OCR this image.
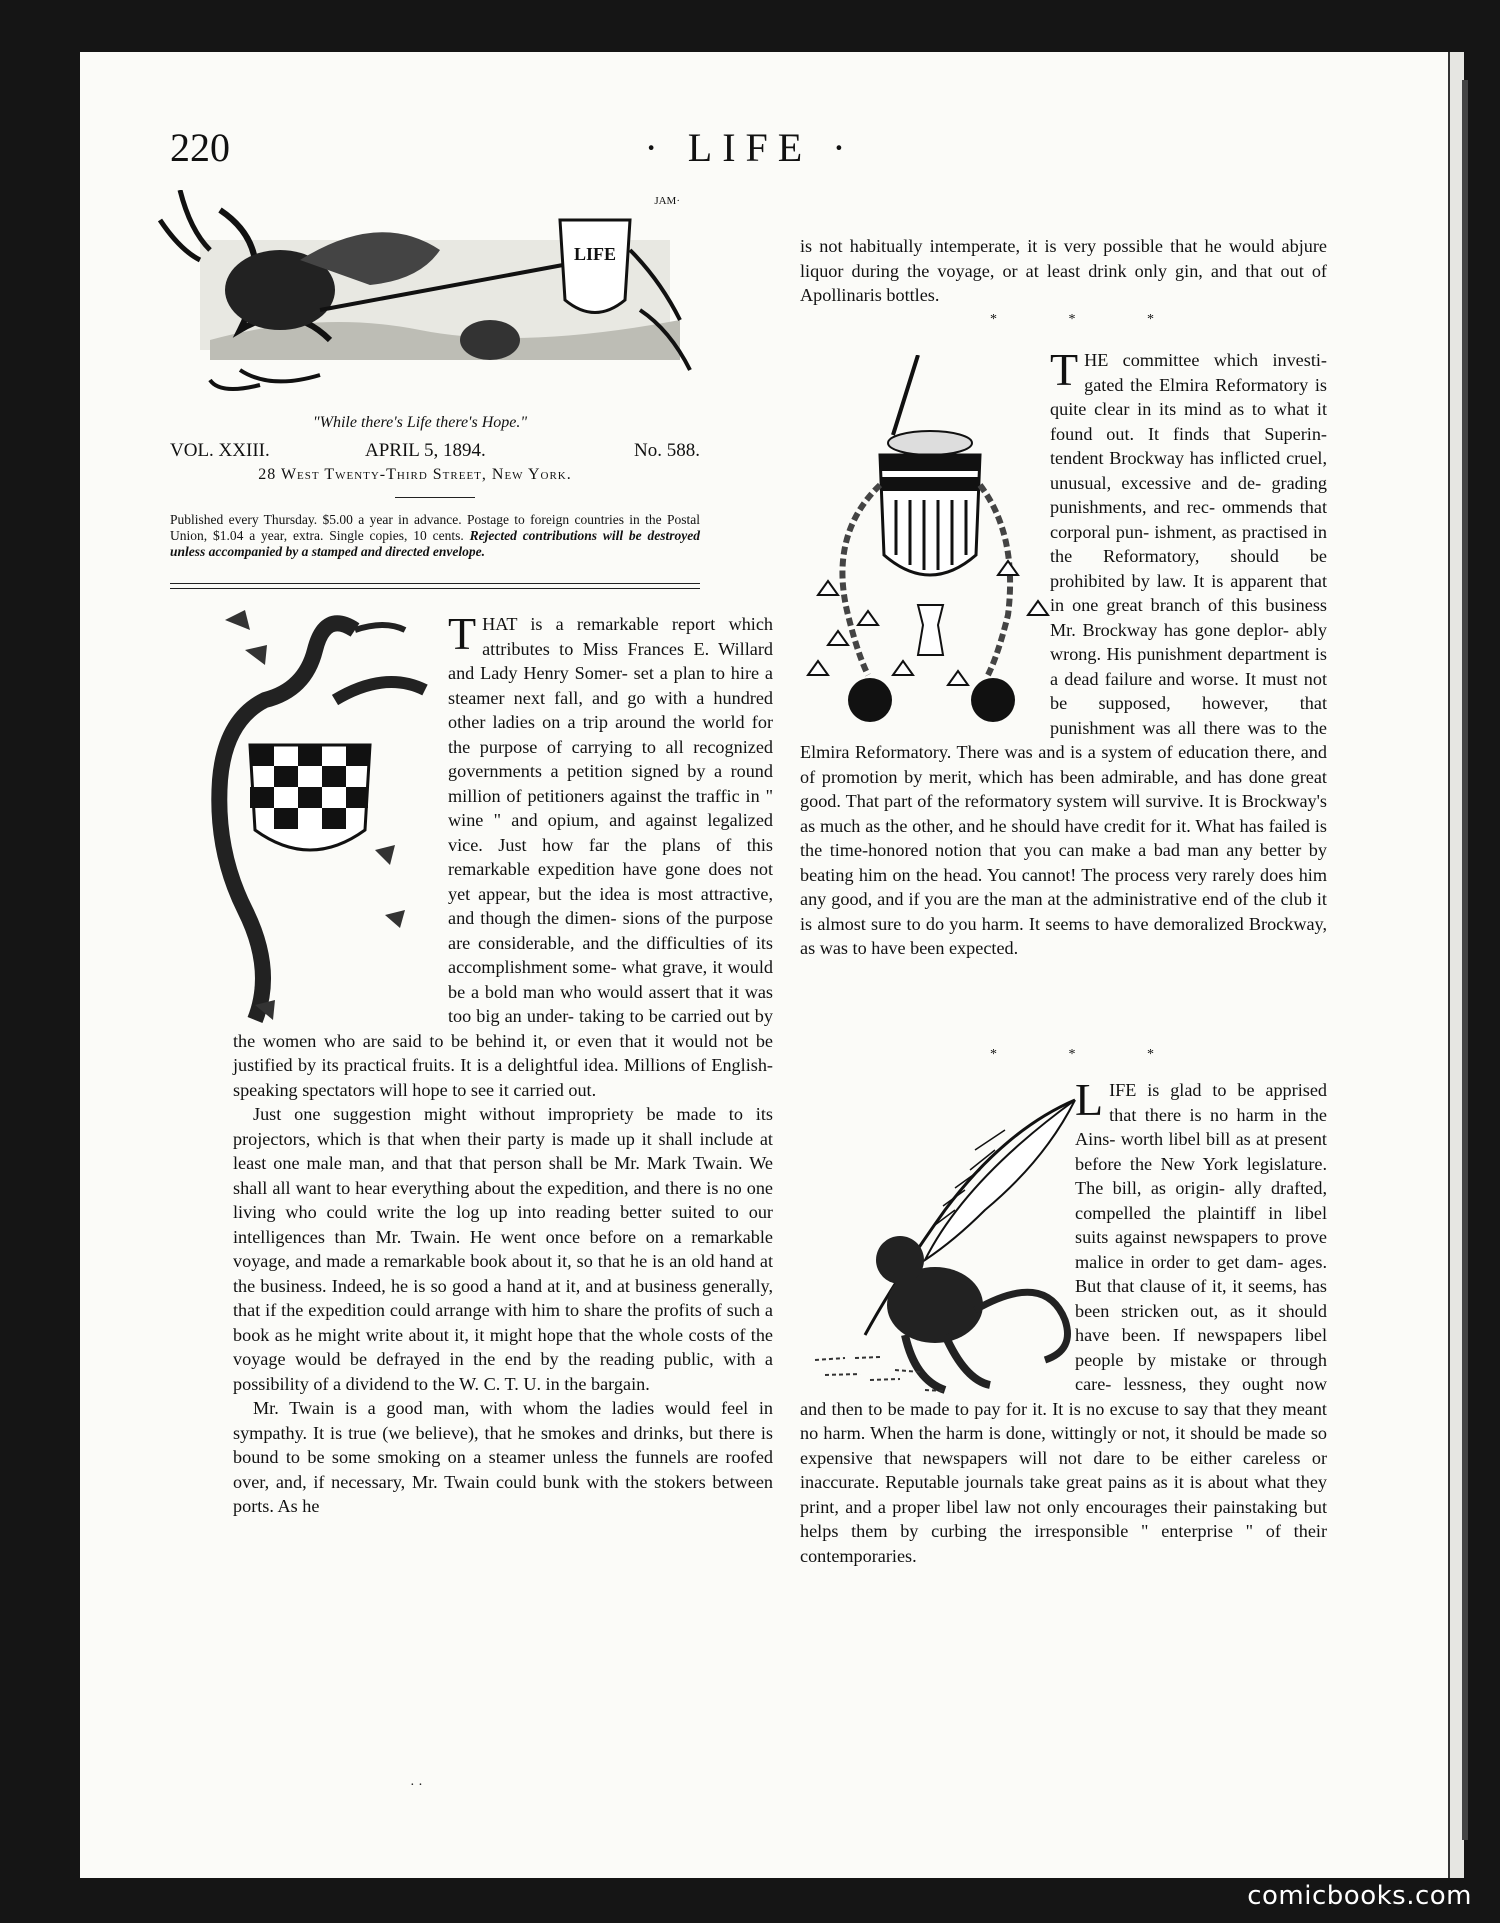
220	· LIFE ·
LIFE
JAM·
"While there's Life there's Hope."
VOL. XXIII.	APRIL 5, 1894.	No. 588.
28 West Twenty-Third Street, New York.
Published every Thursday. $5.00 a year in advance. Postage to foreign countries in the Postal Union, $1.04 a year, extra. Single copies, 10 cents. Rejected contributions will be destroyed unless accompanied by a stamped and directed envelope.

THAT is a remarkable report which attributes to Miss Frances E. Willard and Lady Henry Somer- set a plan to hire a steamer next fall, and go with a hundred other ladies on a trip around the world for the purpose of carrying to all recognized governments a petition signed by a round million of petitioners against the traffic in " wine " and opium, and against legalized vice. Just how far the plans of this remarkable expedition have gone does not yet appear, but the idea is most attractive, and though the dimen- sions of the purpose are considerable, and the difficulties of its accomplishment some- what grave, it would be a bold man who would assert that it was too big an under- taking to be carried out by the women who are said to be behind it, or even that it would not be justified by its practical fruits. It is a delightful idea. Millions of English-speaking spectators will hope to see it carried out.

Just one suggestion might without impropriety be made to its projectors, which is that when their party is made up it shall include at least one male man, and that that person shall be Mr. Mark Twain. We shall all want to hear everything about the expedition, and there is no one living who could write the log up into reading better suited to our intelligences than Mr. Twain. He went once before on a remarkable voyage, and made a remarkable book about it, so that he is an old hand at the business. Indeed, he is so good a hand at it, and at business generally, that if the expedition could arrange with him to share the profits of such a book as he might write about it, it might hope that the whole costs of the voyage would be defrayed in the end by the reading public, with a possibility of a dividend to the W. C. T. U. in the bargain.

Mr. Twain is a good man, with whom the ladies would feel in sympathy. It is true (we believe), that he smokes and drinks, but there is bound to be some smoking on a steamer unless the funnels are roofed over, and, if necessary, Mr. Twain could bunk with the stokers between ports. As he

is not habitually intemperate, it is very possible that he would abjure liquor during the voyage, or at least drink only gin, and that out of Apollinaris bottles.

* * *

THE committee which investi- gated the Elmira Reformatory is quite clear in its mind as to what it found out. It finds that Superin- tendent Brockway has inflicted cruel, unusual, excessive and de- grading punishments, and rec- ommends that corporal pun- ishment, as practised in the Reformatory, should be prohibited by law. It is apparent that in one great branch of this business Mr. Brockway has gone deplor- ably wrong. His punishment department is a dead failure and worse. It must not be supposed, however, that punishment was all there was to the Elmira Reformatory. There was and is a system of education there, and of promotion by merit, which has been admirable, and has done great good. That part of the reformatory system will survive. It is Brockway's as much as the other, and he should have credit for it. What has failed is the time-honored notion that you can make a bad man any better by beating him on the head. You cannot! The process very rarely does him any good, and if you are the man at the administrative end of the club it is almost sure to do you harm. It seems to have demoralized Brockway, as was to have been expected.

* * *

LIFE is glad to be apprised that there is no harm in the Ains- worth libel bill as at present before the New York legislature. The bill, as origin- ally drafted, compelled the plaintiff in libel suits against newspapers to prove malice in order to get dam- ages. But that clause of it, it seems, has been stricken out, as it should have been. If newspapers libel people by mistake or through care- lessness, they ought now and then to be made to pay for it. It is no excuse to say that they meant no harm. When the harm is done, wittingly or not, it should be made so expensive that newspapers will not dare to be either careless or inaccurate. Reputable journals take great pains as it is about what they print, and a proper libel law not only encourages their painstaking but helps them by curbing the irresponsible " enterprise " of their contemporaries.

· ·
comicbooks.com
